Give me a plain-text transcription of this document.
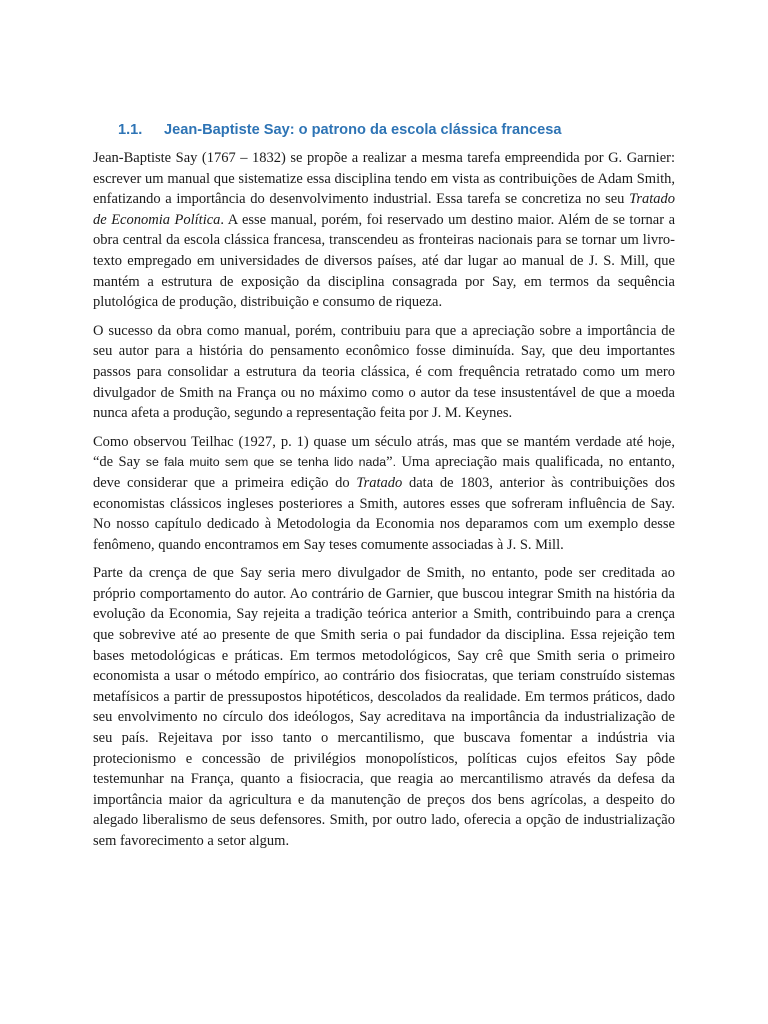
1.1.	Jean-Baptiste Say: o patrono da escola clássica francesa

Jean-Baptiste Say (1767 – 1832) se propõe a realizar a mesma tarefa empreendida por G. Garnier: escrever um manual que sistematize essa disciplina tendo em vista as contribuições de Adam Smith, enfatizando a importância do desenvolvimento industrial. Essa tarefa se concretiza no seu Tratado de Economia Política. A esse manual, porém, foi reservado um destino maior. Além de se tornar a obra central da escola clássica francesa, transcendeu as fronteiras nacionais para se tornar um livro-texto empregado em universidades de diversos países, até dar lugar ao manual de J. S. Mill, que mantém a estrutura de exposição da disciplina consagrada por Say, em termos da sequência plutológica de produção, distribuição e consumo de riqueza.

O sucesso da obra como manual, porém, contribuiu para que a apreciação sobre a importância de seu autor para a história do pensamento econômico fosse diminuída. Say, que deu importantes passos para consolidar a estrutura da teoria clássica, é com frequência retratado como um mero divulgador de Smith na França ou no máximo como o autor da tese insustentável de que a moeda nunca afeta a produção, segundo a representação feita por J. M. Keynes.

Como observou Teilhac (1927, p. 1) quase um século atrás, mas que se mantém verdade até hoje, “de Say se fala muito sem que se tenha lido nada”. Uma apreciação mais qualificada, no entanto, deve considerar que a primeira edição do Tratado data de 1803, anterior às contribuições dos economistas clássicos ingleses posteriores a Smith, autores esses que sofreram influência de Say. No nosso capítulo dedicado à Metodologia da Economia nos deparamos com um exemplo desse fenômeno, quando encontramos em Say teses comumente associadas à J. S. Mill.

Parte da crença de que Say seria mero divulgador de Smith, no entanto, pode ser creditada ao próprio comportamento do autor. Ao contrário de Garnier, que buscou integrar Smith na história da evolução da Economia, Say rejeita a tradição teórica anterior a Smith, contribuindo para a crença que sobrevive até ao presente de que Smith seria o pai fundador da disciplina. Essa rejeição tem bases metodológicas e práticas. Em termos metodológicos, Say crê que Smith seria o primeiro economista a usar o método empírico, ao contrário dos fisiocratas, que teriam construído sistemas metafísicos a partir de pressupostos hipotéticos, descolados da realidade. Em termos práticos, dado seu envolvimento no círculo dos ideólogos, Say acreditava na importância da industrialização de seu país. Rejeitava por isso tanto o mercantilismo, que buscava fomentar a indústria via protecionismo e concessão de privilégios monopolísticos, políticas cujos efeitos Say pôde testemunhar na França, quanto a fisiocracia, que reagia ao mercantilismo através da defesa da importância maior da agricultura e da manutenção de preços dos bens agrícolas, a despeito do alegado liberalismo de seus defensores. Smith, por outro lado, oferecia a opção de industrialização sem favorecimento a setor algum.
